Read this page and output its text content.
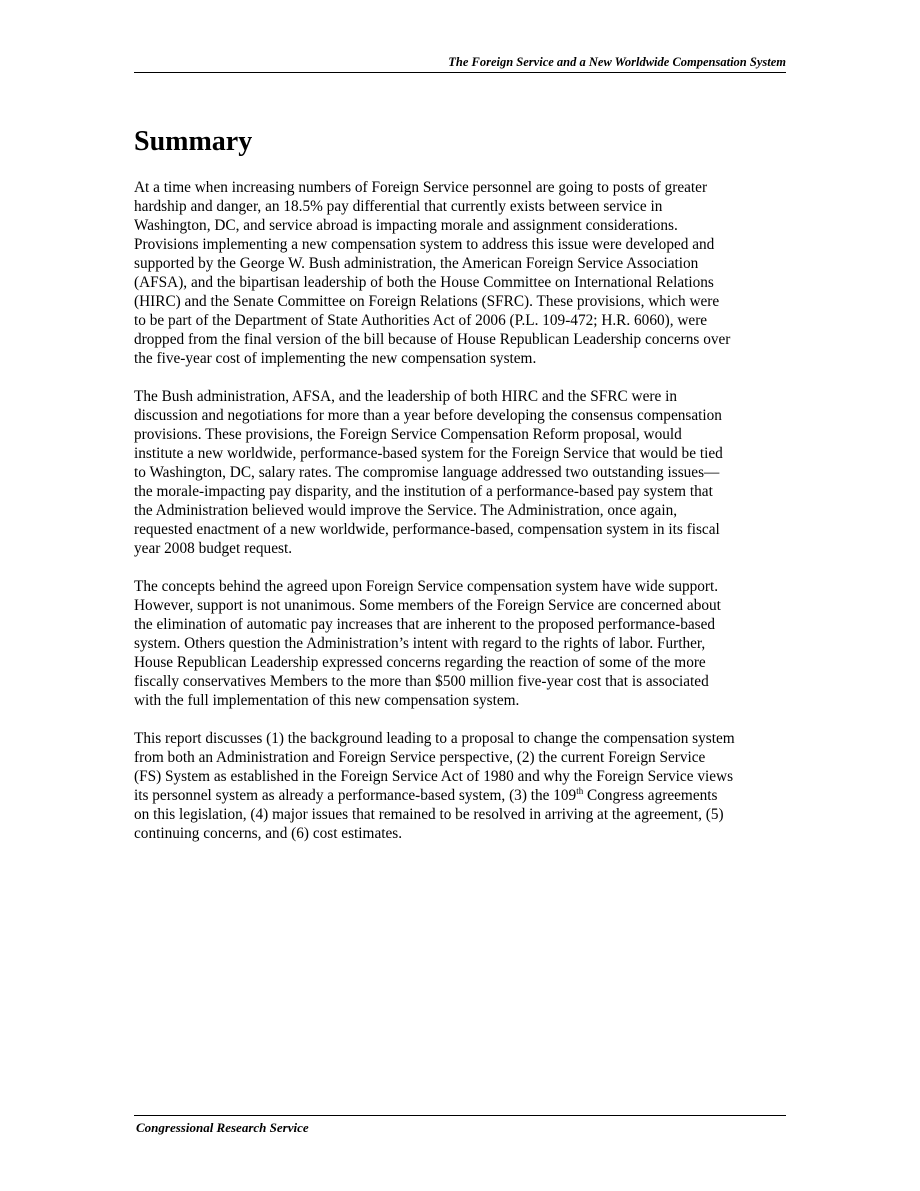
The Foreign Service and a New Worldwide Compensation System
Summary

At a time when increasing numbers of Foreign Service personnel are going to posts of greater
hardship and danger, an 18.5% pay differential that currently exists between service in
Washington, DC, and service abroad is impacting morale and assignment considerations.
Provisions implementing a new compensation system to address this issue were developed and
supported by the George W. Bush administration, the American Foreign Service Association
(AFSA), and the bipartisan leadership of both the House Committee on International Relations
(HIRC) and the Senate Committee on Foreign Relations (SFRC). These provisions, which were
to be part of the Department of State Authorities Act of 2006 (P.L. 109-472; H.R. 6060), were
dropped from the final version of the bill because of House Republican Leadership concerns over
the five-year cost of implementing the new compensation system.

The Bush administration, AFSA, and the leadership of both HIRC and the SFRC were in
discussion and negotiations for more than a year before developing the consensus compensation
provisions. These provisions, the Foreign Service Compensation Reform proposal, would
institute a new worldwide, performance-based system for the Foreign Service that would be tied
to Washington, DC, salary rates. The compromise language addressed two outstanding issues—
the morale-impacting pay disparity, and the institution of a performance-based pay system that
the Administration believed would improve the Service. The Administration, once again,
requested enactment of a new worldwide, performance-based, compensation system in its fiscal
year 2008 budget request.

The concepts behind the agreed upon Foreign Service compensation system have wide support.
However, support is not unanimous. Some members of the Foreign Service are concerned about
the elimination of automatic pay increases that are inherent to the proposed performance-based
system. Others question the Administration’s intent with regard to the rights of labor. Further,
House Republican Leadership expressed concerns regarding the reaction of some of the more
fiscally conservatives Members to the more than $500 million five-year cost that is associated
with the full implementation of this new compensation system.

This report discusses (1) the background leading to a proposal to change the compensation system
from both an Administration and Foreign Service perspective, (2) the current Foreign Service
(FS) System as established in the Foreign Service Act of 1980 and why the Foreign Service views
its personnel system as already a performance-based system, (3) the 109th Congress agreements
on this legislation, (4) major issues that remained to be resolved in arriving at the agreement, (5)
continuing concerns, and (6) cost estimates.

Congressional Research Service
